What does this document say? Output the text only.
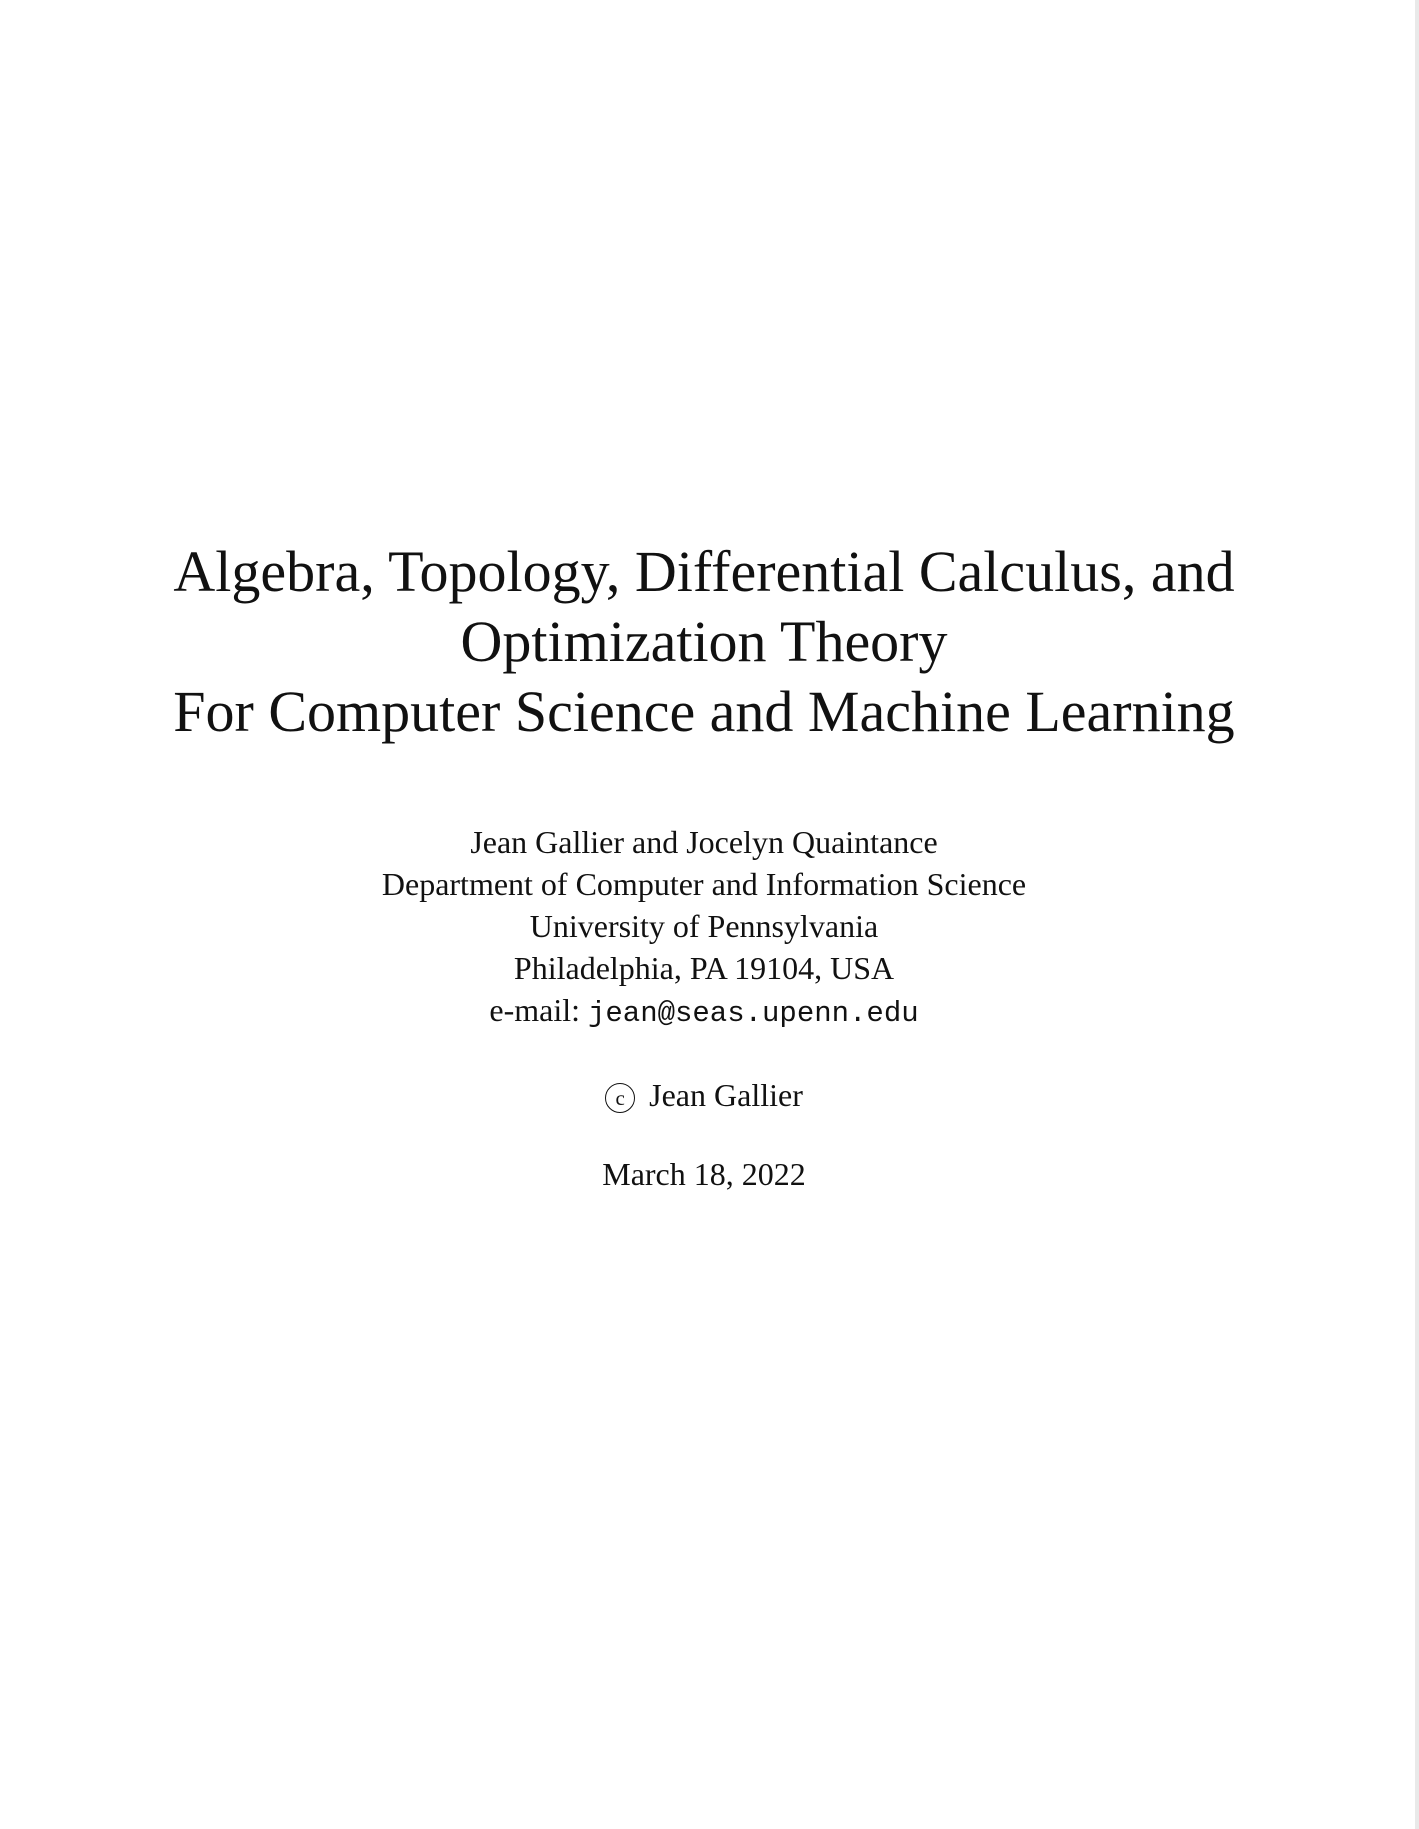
Algebra, Topology, Differential Calculus, and
Optimization Theory
For Computer Science and Machine Learning
Jean Gallier and Jocelyn Quaintance
Department of Computer and Information Science
University of Pennsylvania
Philadelphia, PA 19104, USA
e-mail: jean@seas.upenn.edu
c Jean Gallier
March 18, 2022
